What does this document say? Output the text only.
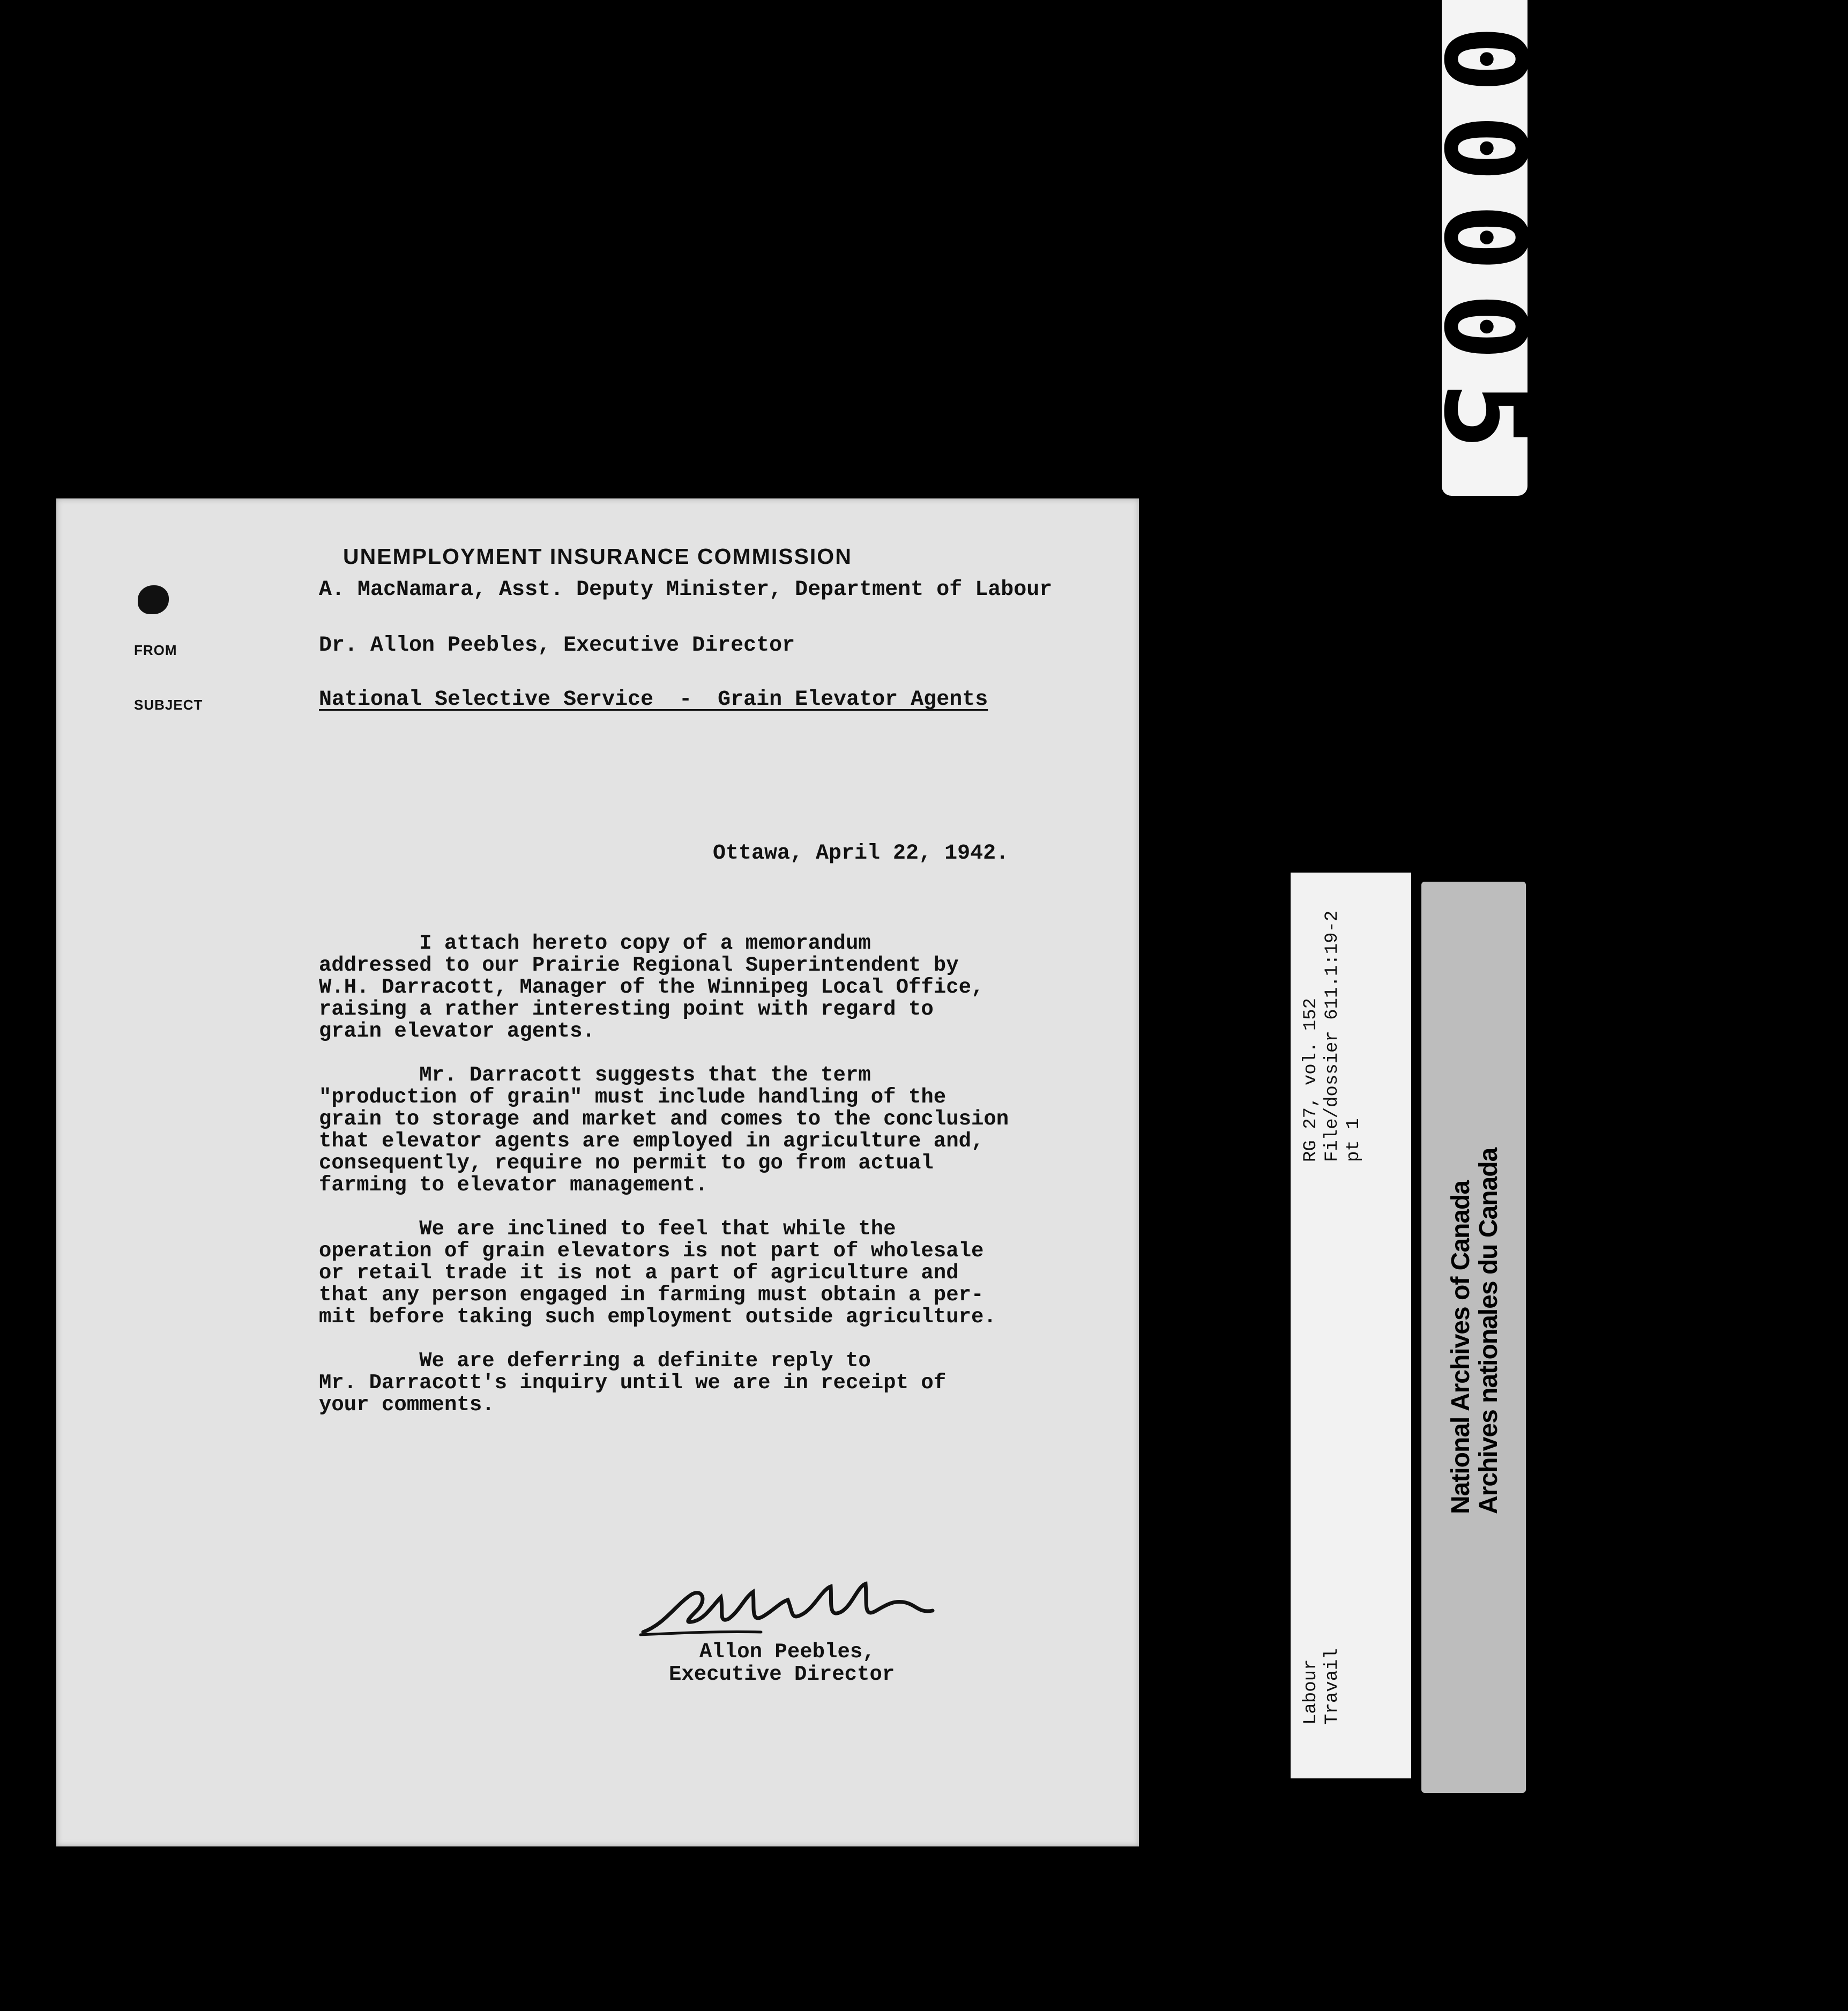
00005
UNEMPLOYMENT INSURANCE COMMISSION
A. MacNamara, Asst. Deputy Minister, Department of Labour
FROM	Dr. Allon Peebles, Executive Director
SUBJECT	National Selective Service  -  Grain Elevator Agents
Ottawa, April 22, 1942.

I attach hereto copy of a memorandum
addressed to our Prairie Regional Superintendent by
W.H. Darracott, Manager of the Winnipeg Local Office,
raising a rather interesting point with regard to
grain elevator agents.

Mr. Darracott suggests that the term
"production of grain" must include handling of the
grain to storage and market and comes to the conclusion
that elevator agents are employed in agriculture and,
consequently, require no permit to go from actual
farming to elevator management.

We are inclined to feel that while the
operation of grain elevators is not part of wholesale
or retail trade it is not a part of agriculture and
that any person engaged in farming must obtain a per-
mit before taking such employment outside agriculture.

We are deferring a definite reply to
Mr. Darracott's inquiry until we are in receipt of
your comments.

Allon Peebles,
Executive Director
RG 27, vol. 152
File/dossier 611.1:19-2
pt 1
Labour
Travail
National Archives of Canada Archives nationales du Canada
